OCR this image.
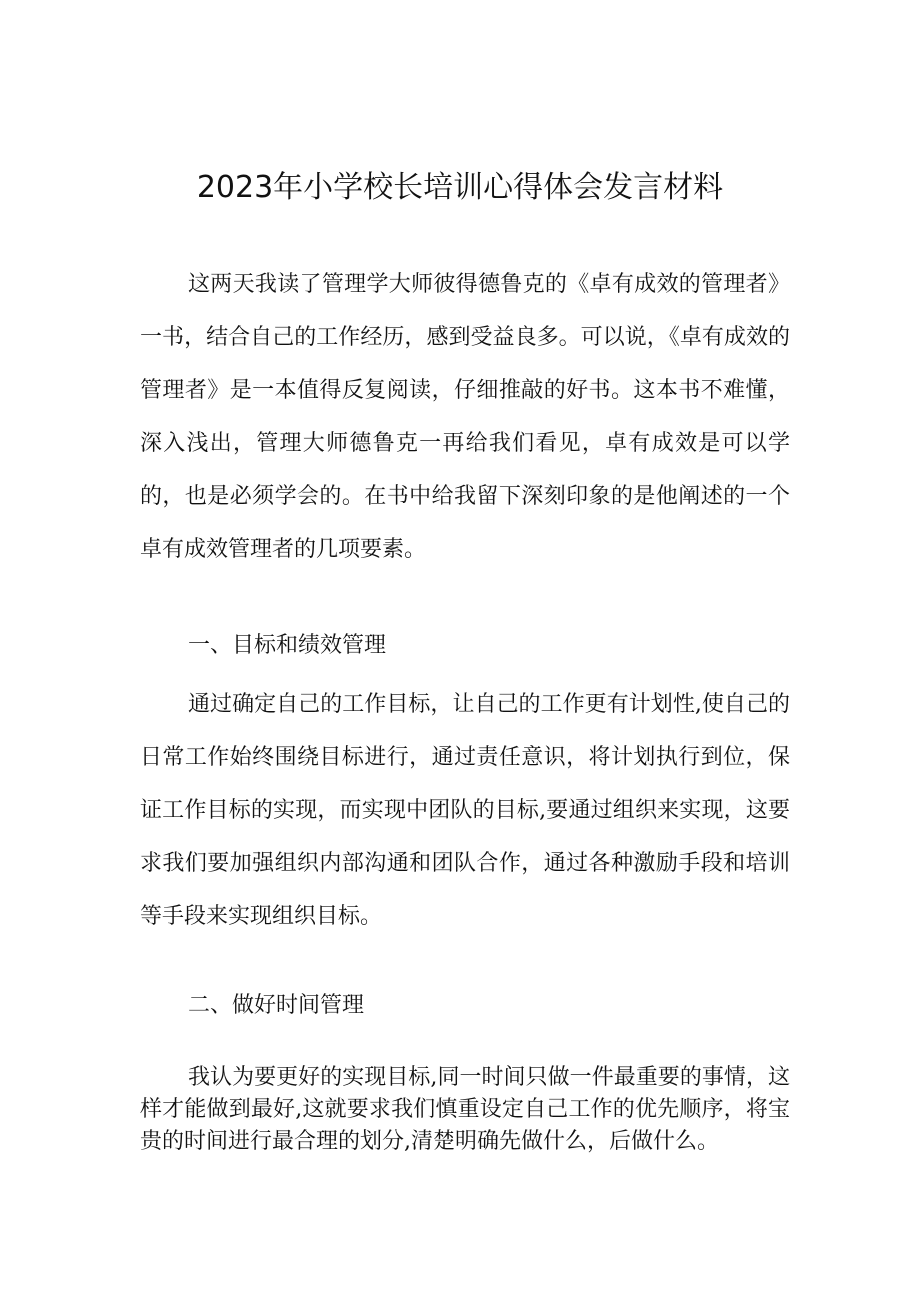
2023年小学校长培训心得体会发言材料

这两天我读了管理学大师彼得德鲁克的《卓有成效的管理者》一书，结合自己的工作经历，感到受益良多。可以说，《卓有成效的管理者》是一本值得反复阅读，仔细推敲的好书。这本书不难懂，深入浅出，管理大师德鲁克一再给我们看见，卓有成效是可以学的，也是必须学会的。在书中给我留下深刻印象的是他阐述的一个卓有成效管理者的几项要素。

一、目标和绩效管理

通过确定自己的工作目标，让自己的工作更有计划性,使自己的日常工作始终围绕目标进行，通过责任意识，将计划执行到位，保证工作目标的实现，而实现中团队的目标,要通过组织来实现，这要求我们要加强组织内部沟通和团队合作，通过各种激励手段和培训等手段来实现组织目标。

二、做好时间管理

我认为要更好的实现目标,同一时间只做一件最重要的事情，这样才能做到最好,这就要求我们慎重设定自己工作的优先顺序，将宝贵的时间进行最合理的划分,清楚明确先做什么，后做什么。
